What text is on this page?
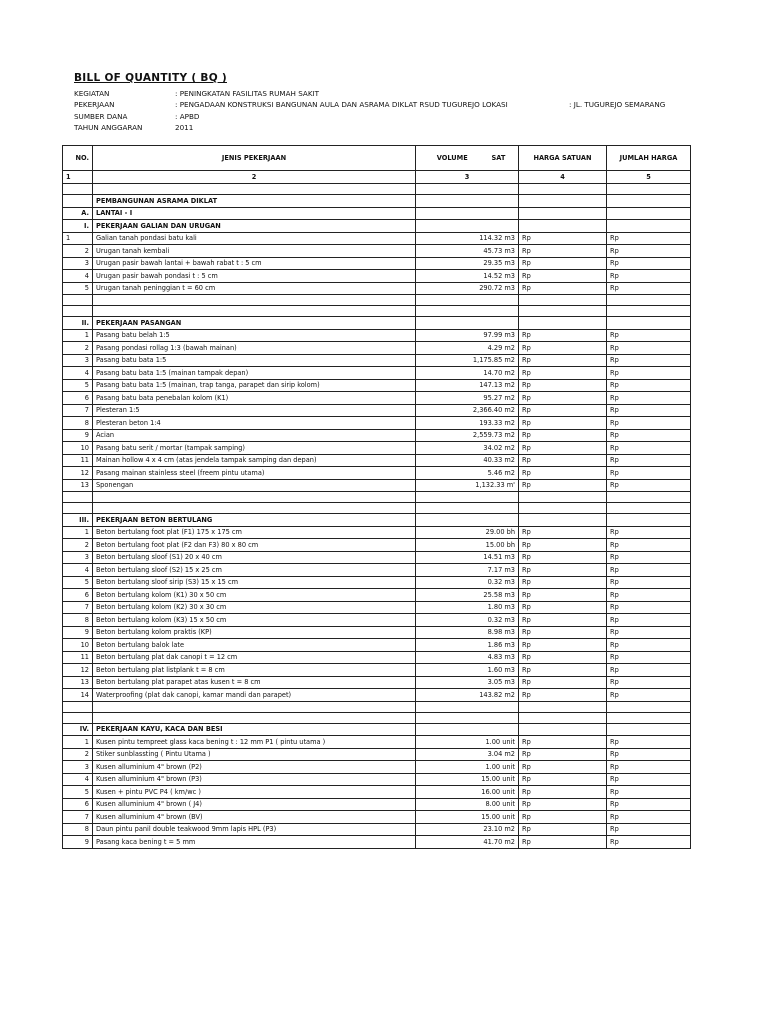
BILL OF QUANTITY ( BQ )
KEGIATAN	: PENINGKATAN FASILITAS RUMAH SAKIT
PEKERJAAN	: PENGADAAN KONSTRUKSI BANGUNAN AULA DAN ASRAMA DIKLAT RSUD TUGUREJO LOKASI	: JL. TUGUREJO SEMARANG
SUMBER DANA	: APBD
TAHUN ANGGARAN	2011
NO.	JENIS PEKERJAAN	VOLUME	SAT	HARGA SATUAN	JUMLAH HARGA
1	2	3		4	5

	PEMBANGUNAN ASRAMA DIKLAT				
A.	LANTAI - I				
I.	PEKERJAAN GALIAN DAN URUGAN				
1	Galian tanah pondasi batu kali	114.32 m3		Rp	Rp
2	Urugan tanah kembali	45.73 m3		Rp	Rp
3	Urugan pasir bawah lantai + bawah rabat t : 5 cm	29.35 m3		Rp	Rp
4	Urugan pasir bawah pondasi t : 5 cm	14.52 m3		Rp	Rp
5	Urugan tanah peninggian t = 60 cm	290.72 m3		Rp	Rp

II.	PEKERJAAN PASANGAN				
1	Pasang batu belah 1:5	97.99 m3		Rp	Rp
2	Pasang pondasi rollag 1:3 (bawah mainan)	4.29 m2		Rp	Rp
3	Pasang batu bata 1:5	1,175.85 m2		Rp	Rp
4	Pasang batu bata 1:5 (mainan tampak depan)	14.70 m2		Rp	Rp
5	Pasang batu bata 1:5 (mainan, trap tanga, parapet dan sirip kolom)	147.13 m2		Rp	Rp
6	Pasang batu bata penebalan kolom (K1)	95.27 m2		Rp	Rp
7	Plesteran 1:5	2,366.40 m2		Rp	Rp
8	Plesteran beton 1:4	193.33 m2		Rp	Rp
9	Acian	2,559.73 m2		Rp	Rp
10	Pasang batu serit / mortar (tampak samping)	34.02 m2		Rp	Rp
11	Mainan hollow 4 x 4 cm (atas jendela tampak samping dan depan)	40.33 m2		Rp	Rp
12	Pasang mainan stainless steel (freem pintu utama)	5.46 m2		Rp	Rp
13	Sponengan	1,132.33 m'		Rp	Rp

III.	PEKERJAAN BETON BERTULANG				
1	Beton bertulang foot plat (F1) 175 x 175 cm	29.00 bh		Rp	Rp
2	Beton bertulang foot plat (F2 dan F3) 80 x 80 cm	15.00 bh		Rp	Rp
3	Beton bertulang sloof (S1) 20 x 40 cm	14.51 m3		Rp	Rp
4	Beton bertulang sloof (S2) 15 x 25 cm	7.17 m3		Rp	Rp
5	Beton bertulang sloof sirip (S3) 15 x 15 cm	0.32 m3		Rp	Rp
6	Beton bertulang kolom (K1) 30 x 50 cm	25.58 m3		Rp	Rp
7	Beton bertulang kolom (K2) 30 x 30 cm	1.80 m3		Rp	Rp
8	Beton bertulang kolom (K3) 15 x 50 cm	0.32 m3		Rp	Rp
9	Beton bertulang kolom praktis (KP)	8.98 m3		Rp	Rp
10	Beton bertulang balok late	1.86 m3		Rp	Rp
11	Beton bertulang plat dak canopi t = 12 cm	4.83 m3		Rp	Rp
12	Beton bertulang plat listplank t = 8 cm	1.60 m3		Rp	Rp
13	Beton bertulang plat parapet atas kusen t = 8 cm	3.05 m3		Rp	Rp
14	Waterproofing (plat dak canopi, kamar mandi dan parapet)	143.82 m2		Rp	Rp

IV.	PEKERJAAN KAYU, KACA DAN BESI				
1	Kusen pintu tempreet glass kaca bening t : 12 mm P1 ( pintu utama )	1.00 unit		Rp	Rp
2	Stiker sunblassting ( Pintu Utama )	3.04 m2		Rp	Rp
3	Kusen alluminium 4" brown (P2)	1.00 unit		Rp	Rp
4	Kusen alluminium 4" brown (P3)	15.00 unit		Rp	Rp
5	Kusen + pintu PVC P4 ( km/wc )	16.00 unit		Rp	Rp
6	Kusen alluminium 4" brown ( J4)	8.00 unit		Rp	Rp
7	Kusen alluminium 4" brown (BV)	15.00 unit		Rp	Rp
8	Daun pintu panil double teakwood 9mm lapis HPL (P3)	23.10 m2		Rp	Rp
9	Pasang kaca bening t = 5 mm	41.70 m2		Rp	Rp
